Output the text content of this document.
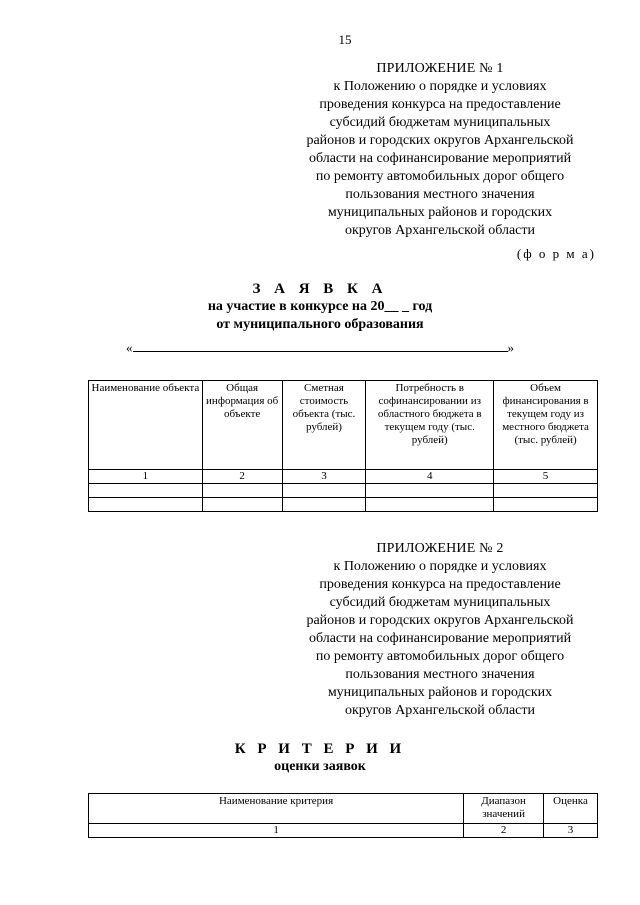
15
ПРИЛОЖЕНИЕ № 1
к Положению о порядке и условиях
проведения конкурса на предоставление
субсидий бюджетам муниципальных
районов и городских округов Архангельской
области на софинансирование мероприятий
по ремонту автомобильных дорог общего
пользования местного значения
муниципальных районов и городских
округов Архангельской области
(ф о р м а)
З А Я В К А
на участие в конкурсе на 20__ _ год
от муниципального образования
«	»
Наименование объекта	Общая информация об объекте	Сметная стоимость объекта (тыс. рублей)	Потребность в софинансировании из областного бюджета в текущем году (тыс. рублей)	Объем финансирования в текущем году из местного бюджета (тыс. рублей)
1	2	3	4	5

ПРИЛОЖЕНИЕ № 2
к Положению о порядке и условиях
проведения конкурса на предоставление
субсидий бюджетам муниципальных
районов и городских округов Архангельской
области на софинансирование мероприятий
по ремонту автомобильных дорог общего
пользования местного значения
муниципальных районов и городских
округов Архангельской области
К Р И Т Е Р И И
оценки заявок
Наименование критерия	Диапазон значений	Оценка
1	2	3
